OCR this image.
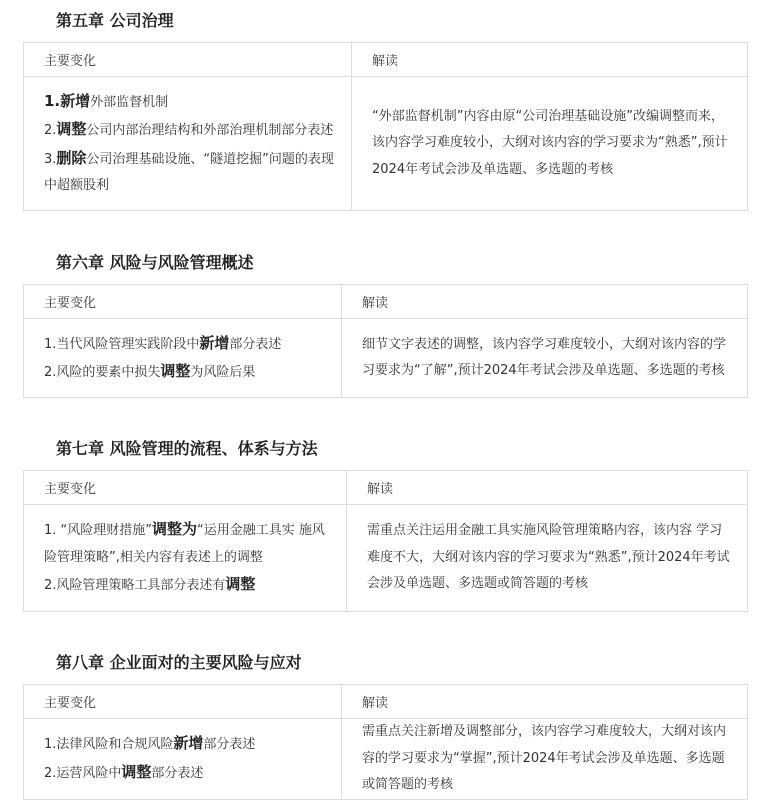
第五章 公司治理
主要变化	解读

1.新增外部监督机制
2.调整公司内部治理结构和外部治理机制部分表述
3.删除公司治理基础设施、“隧道挖掘”问题的表现中超额股利	“外部监督机制”内容由原“公司治理基础设施”改编调整而来，该内容学习难度较小，大纲对该内容的学习要求为“熟悉”,预计2024年考试会涉及单选题、多选题的考核
第六章 风险与风险管理概述
主要变化	解读

1.当代风险管理实践阶段中新增部分表述
2.风险的要素中损失调整为风险后果	细节文字表述的调整，该内容学习难度较小，大纲对该内容的学习要求为“了解”,预计2024年考试会涉及单选题、多选题的考核
第七章 风险管理的流程、体系与方法
主要变化	解读

1. “风险理财措施”调整为“运用金融工具实 施风险管理策略”,相关内容有表述上的调整
2.风险管理策略工具部分表述有调整	需重点关注运用金融工具实施风险管理策略内容，该内容 学习难度不大，大纲对该内容的学习要求为“熟悉”,预计2024年考试会涉及单选题、多选题或简答题的考核
第八章 企业面对的主要风险与应对
主要变化	解读

1.法律风险和合规风险新增部分表述
2.运营风险中调整部分表述	需重点关注新增及调整部分，该内容学习难度较大，大纲对该内容的学习要求为“掌握”,预计2024年考试会涉及单选题、多选题或简答题的考核
